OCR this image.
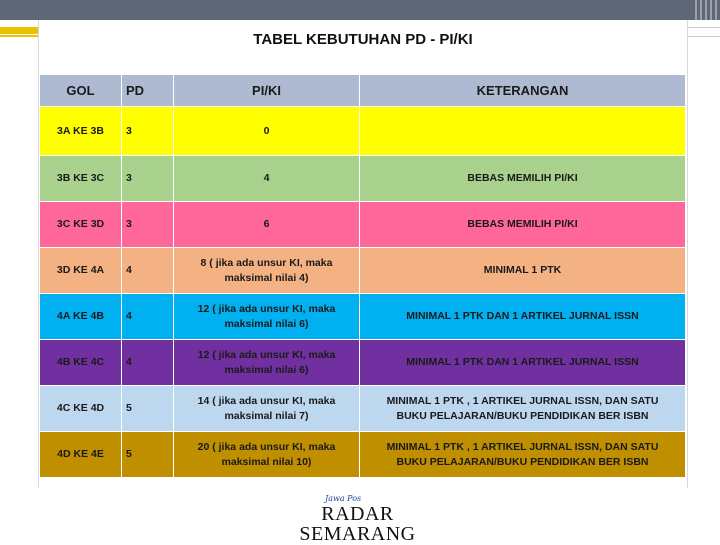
TABEL KEBUTUHAN PD - PI/KI
GOL	PD	PI/KI	KETERANGAN
3A KE 3B	3	0	
3B KE 3C	3	4	BEBAS MEMILIH PI/KI
3C KE 3D	3	6	BEBAS MEMILIH PI/KI
3D KE 4A	4	8 ( jika ada unsur KI, maka
maksimal nilai 4)	MINIMAL 1 PTK
4A KE 4B	4	12 ( jika ada unsur KI, maka
maksimal nilai 6)	MINIMAL 1 PTK DAN 1 ARTIKEL JURNAL ISSN
4B KE 4C	4	12 ( jika ada unsur KI, maka
maksimal nilai 6)	MINIMAL 1 PTK DAN 1 ARTIKEL JURNAL ISSN
4C KE 4D	5	14 ( jika ada unsur KI, maka
maksimal nilai 7)	MINIMAL 1 PTK , 1 ARTIKEL JURNAL ISSN, DAN SATU
BUKU PELAJARAN/BUKU PENDIDIKAN BER ISBN
4D KE 4E	5	20 ( jika ada unsur KI, maka
maksimal nilai 10)	MINIMAL 1 PTK , 1 ARTIKEL JURNAL ISSN, DAN SATU
BUKU PELAJARAN/BUKU PENDIDIKAN BER ISBN
Jawa Pos
RADAR SEMARANG
